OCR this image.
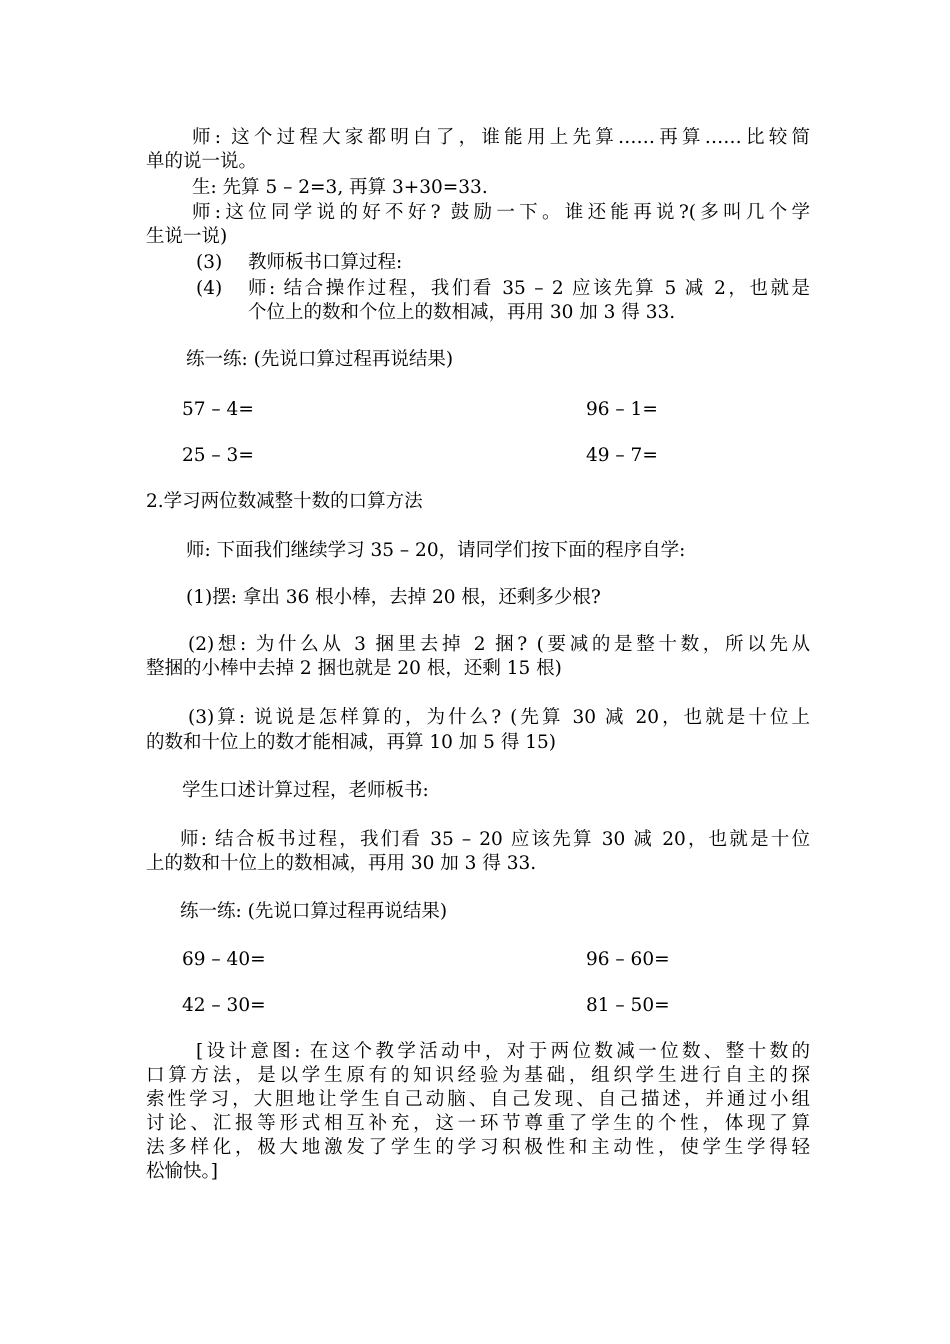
师: 这个过程大家都明白了，谁能用上先算……再算……比较简
单的说一说。
生: 先算 5 – 2=3, 再算 3+30=33.
师:这位同学说的好不好? 鼓励一下。谁还能再说?(多叫几个学
生说一说)
(3) 教师板书口算过程:
(4) 师: 结合操作过程，我们看 35 – 2 应该先算 5 减 2，也就是
个位上的数和个位上的数相减，再用 30 加 3 得 33.
练一练: (先说口算过程再说结果)
57 – 4=	96 – 1=
25 – 3=	49 – 7=
2.学习两位数减整十数的口算方法
师: 下面我们继续学习 35 – 20，请同学们按下面的程序自学:
(1)摆: 拿出 36 根小棒，去掉 20 根，还剩多少根?
(2)想: 为什么从 3 捆里去掉 2 捆? (要减的是整十数，所以先从
整捆的小棒中去掉 2 捆也就是 20 根，还剩 15 根)
(3)算: 说说是怎样算的，为什么? (先算 30 减 20，也就是十位上
的数和十位上的数才能相减，再算 10 加 5 得 15)
学生口述计算过程，老师板书:
师: 结合板书过程，我们看 35 – 20 应该先算 30 减 20，也就是十位
上的数和十位上的数相减，再用 30 加 3 得 33.
练一练: (先说口算过程再说结果)
69 – 40=	96 – 60=
42 – 30=	81 – 50=
[设计意图: 在这个教学活动中，对于两位数减一位数、整十数的
口算方法，是以学生原有的知识经验为基础，组织学生进行自主的探
索性学习，大胆地让学生自己动脑、自己发现、自己描述，并通过小组
讨论、汇报等形式相互补充，这一环节尊重了学生的个性，体现了算
法多样化，极大地激发了学生的学习积极性和主动性，使学生学得轻
松愉快。]
